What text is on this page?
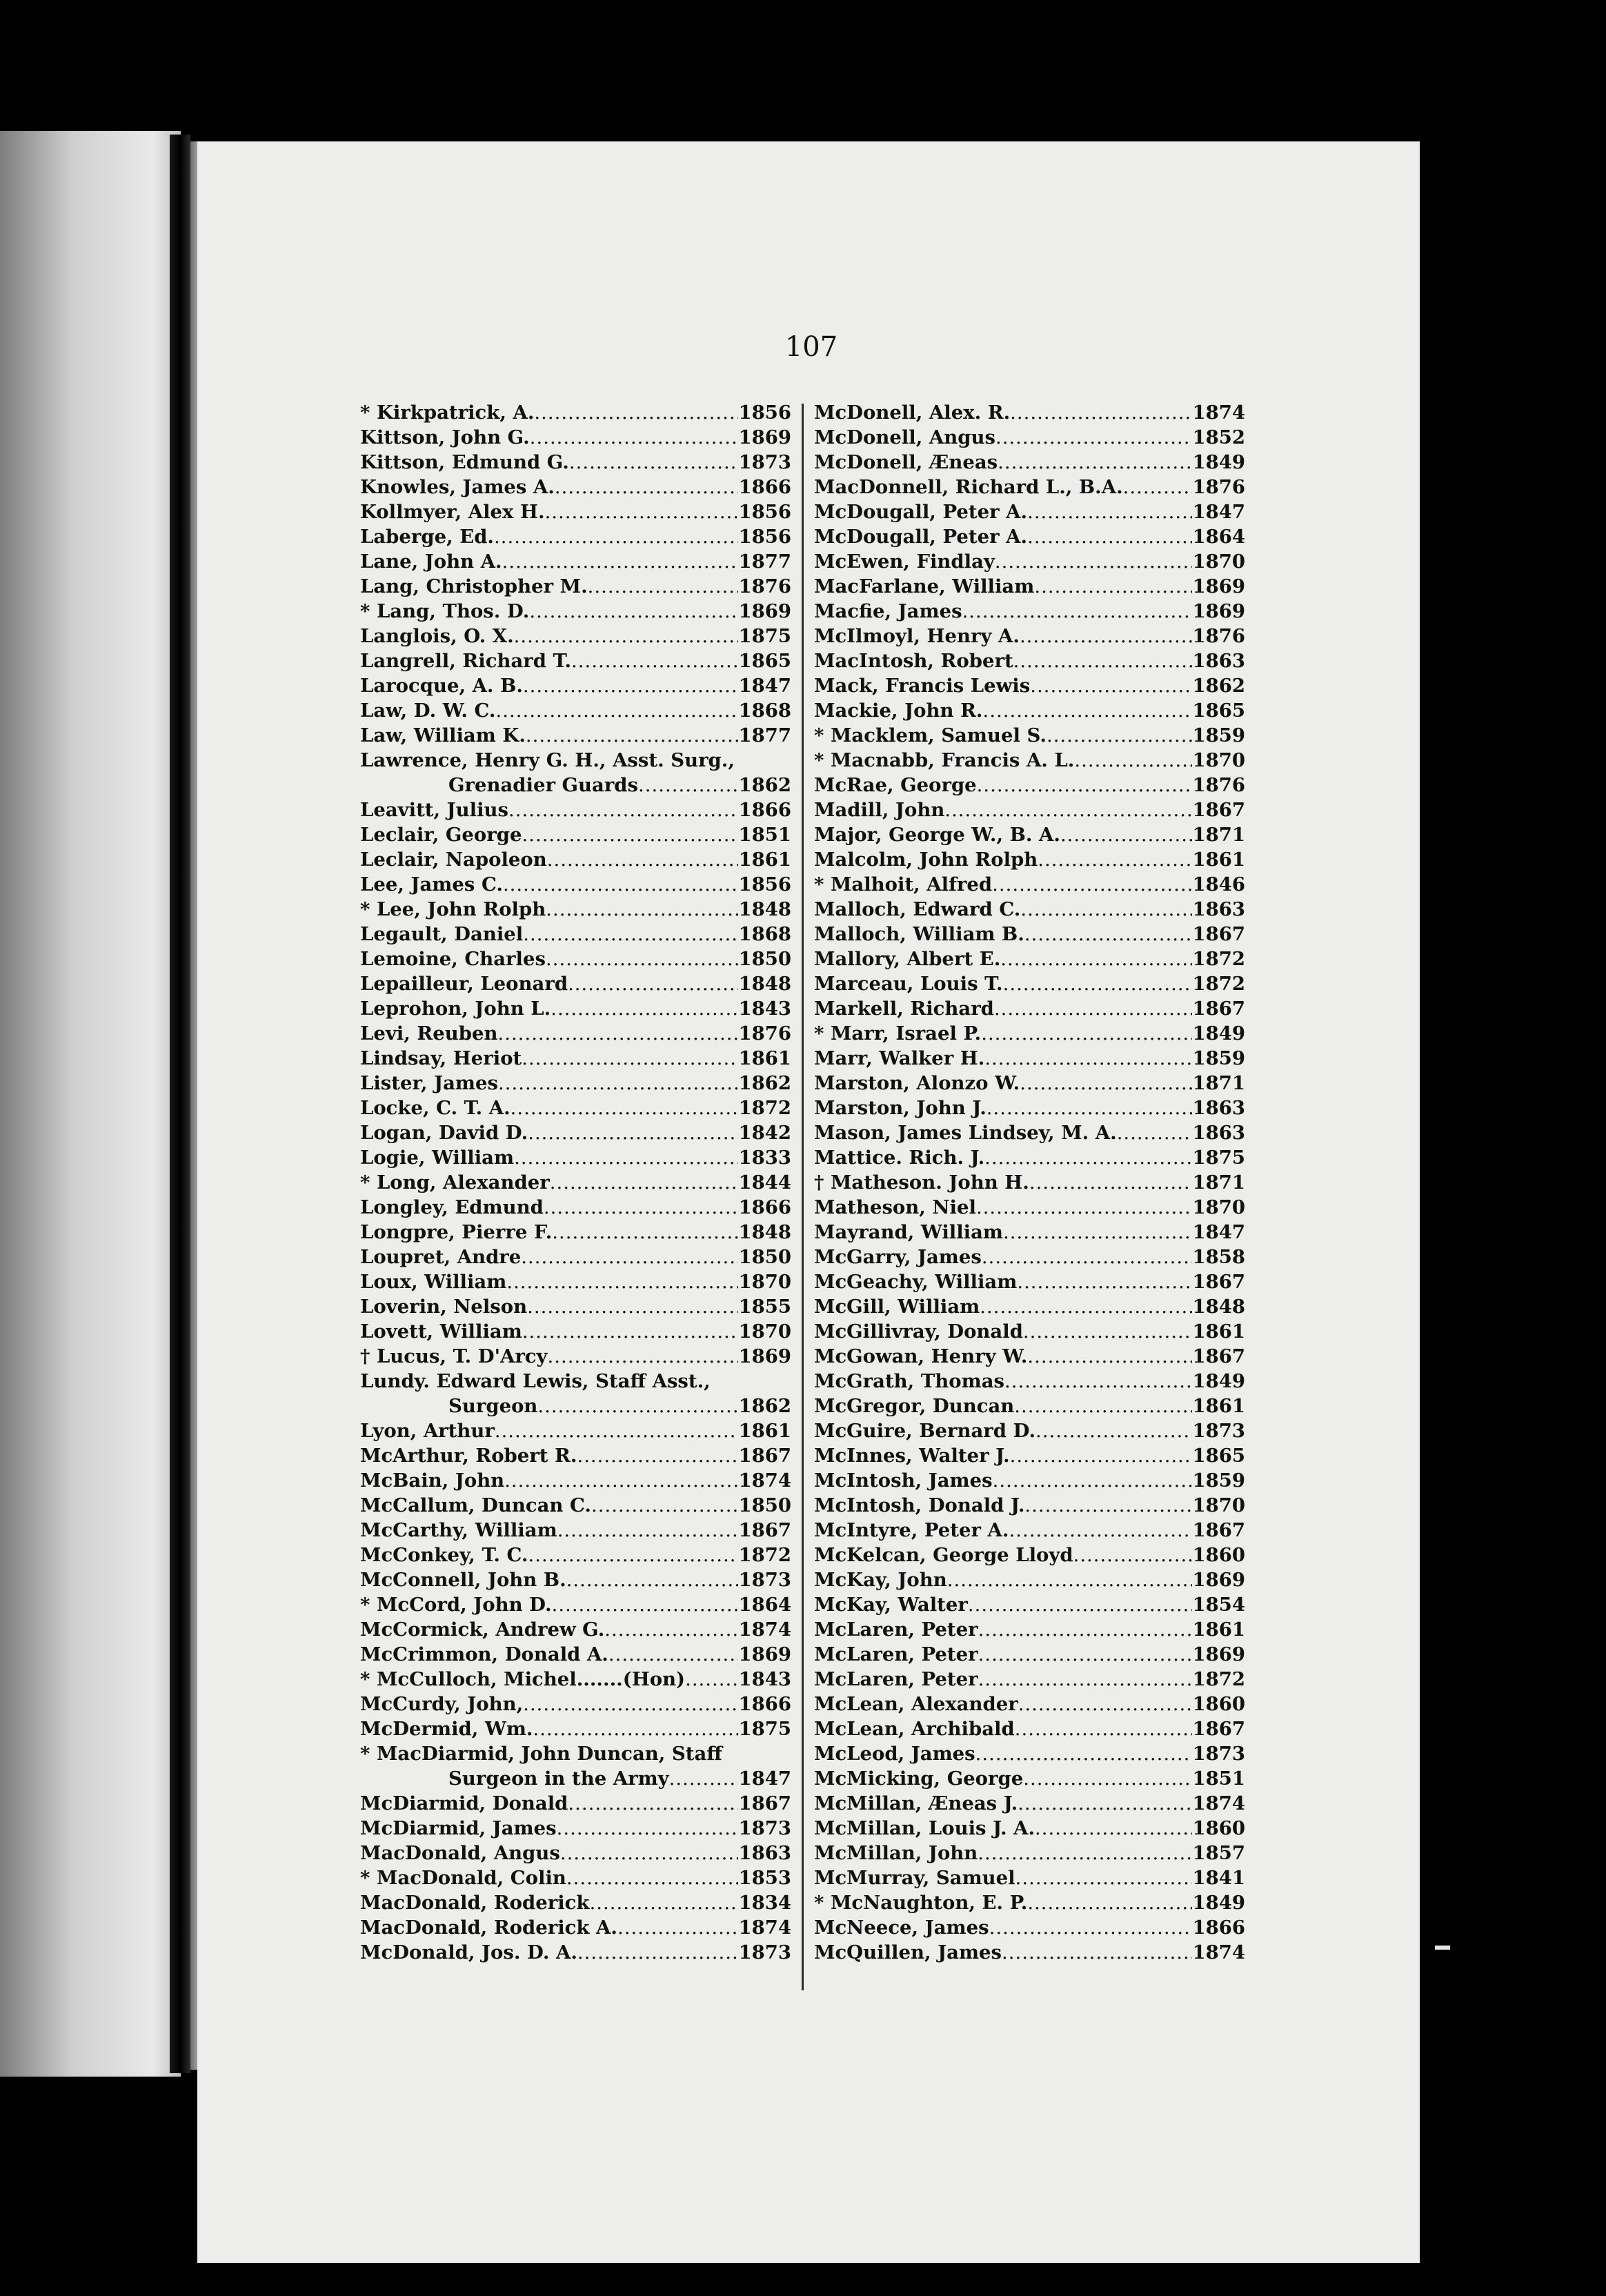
107
* Kirkpatrick, A. .....	1856
Kittson, John G. .....	1869
Kittson, Edmund G. .....	1873
Knowles, James A. .....	1866
Kollmyer, Alex H. .....	1856
Laberge, Ed. .....	1856
Lane, John A. .....	1877
Lang, Christopher M. .....	1876
* Lang, Thos. D. .....	1869
Langlois, O. X. .....	1875
Langrell, Richard T. .....	1865
Larocque, A. B. .....	1847
Law, D. W. C. .....	1868
Law, William K. .....	1877
Lawrence, Henry G. H., Asst. Surg.,
Grenadier Guards .....	1862
Leavitt, Julius .....	1866
Leclair, George .....	1851
Leclair, Napoleon .....	1861
Lee, James C. .....	1856
* Lee, John Rolph .....	1848
Legault, Daniel .....	1868
Lemoine, Charles .....	1850
Lepailleur, Leonard .....	1848
Leprohon, John L. .....	1843
Levi, Reuben .....	1876
Lindsay, Heriot .....	1861
Lister, James .....	1862
Locke, C. T. A. .....	1872
Logan, David D. .....	1842
Logie, William .....	1833
* Long, Alexander .....	1844
Longley, Edmund .....	1866
Longpre, Pierre F. .....	1848
Loupret, Andre .....	1850
Loux, William .....	1870
Loverin, Nelson .....	1855
Lovett, William .....	1870
† Lucus, T. D'Arcy .....	1869
Lundy. Edward Lewis, Staff Asst.,
Surgeon .....	1862
Lyon, Arthur .....	1861
McArthur, Robert R. .....	1867
McBain, John .....	1874
McCallum, Duncan C. .....	1850
McCarthy, William .....	1867
McConkey, T. C. .....	1872
McConnell, John B. .....	1873
* McCord, John D. .....	1864
McCormick, Andrew G. .....	1874
McCrimmon, Donald A. .....	1869
* McCulloch, Michel.......(Hon) .....	1843
McCurdy, John, .....	1866
McDermid, Wm. .....	1875
* MacDiarmid, John Duncan, Staff
Surgeon in the Army .....	1847
McDiarmid, Donald .....	1867
McDiarmid, James .....	1873
MacDonald, Angus .....	1863
* MacDonald, Colin .....	1853
MacDonald, Roderick .....	1834
MacDonald, Roderick A. .....	1874
McDonald, Jos. D. A. .....	1873
McDonell, Alex. R. .....	1874
McDonell, Angus .....	1852
McDonell, Æneas .....	1849
MacDonnell, Richard L., B.A. .....	1876
McDougall, Peter A. .....	1847
McDougall, Peter A. .....	1864
McEwen, Findlay .....	1870
MacFarlane, William .....	1869
Macfie, James .....	1869
McIlmoyl, Henry A. .....	1876
MacIntosh, Robert .....	1863
Mack, Francis Lewis .....	1862
Mackie, John R. .....	1865
* Macklem, Samuel S. .....	1859
* Macnabb, Francis A. L. .....	1870
McRae, George .....	1876
Madill, John .....	1867
Major, George W., B. A. .....	1871
Malcolm, John Rolph .....	1861
* Malhoit, Alfred .....	1846
Malloch, Edward C. .....	1863
Malloch, William B. .....	1867
Mallory, Albert E. .....	1872
Marceau, Louis T. .....	1872
Markell, Richard .....	1867
* Marr, Israel P. .....	1849
Marr, Walker H. .....	1859
Marston, Alonzo W. .....	1871
Marston, John J. .....	1863
Mason, James Lindsey, M. A. .....	1863
Mattice. Rich. J. .....	1875
† Matheson. John H. .....	1871
Matheson, Niel .....	1870
Mayrand, William .....	1847
McGarry, James .....	1858
McGeachy, William .....	1867
McGill, William .....	1848
McGillivray, Donald .....	1861
McGowan, Henry W. .....	1867
McGrath, Thomas .....	1849
McGregor, Duncan .....	1861
McGuire, Bernard D. .....	1873
McInnes, Walter J. .....	1865
McIntosh, James .....	1859
McIntosh, Donald J. .....	1870
McIntyre, Peter A. .....	1867
McKelcan, George Lloyd .....	1860
McKay, John .....	1869
McKay, Walter .....	1854
McLaren, Peter .....	1861
McLaren, Peter .....	1869
McLaren, Peter .....	1872
McLean, Alexander .....	1860
McLean, Archibald .....	1867
McLeod, James .....	1873
McMicking, George .....	1851
McMillan, Æneas J. .....	1874
McMillan, Louis J. A. .....	1860
McMillan, John .....	1857
McMurray, Samuel .....	1841
* McNaughton, E. P. .....	1849
McNeece, James .....	1866
McQuillen, James .....	1874
